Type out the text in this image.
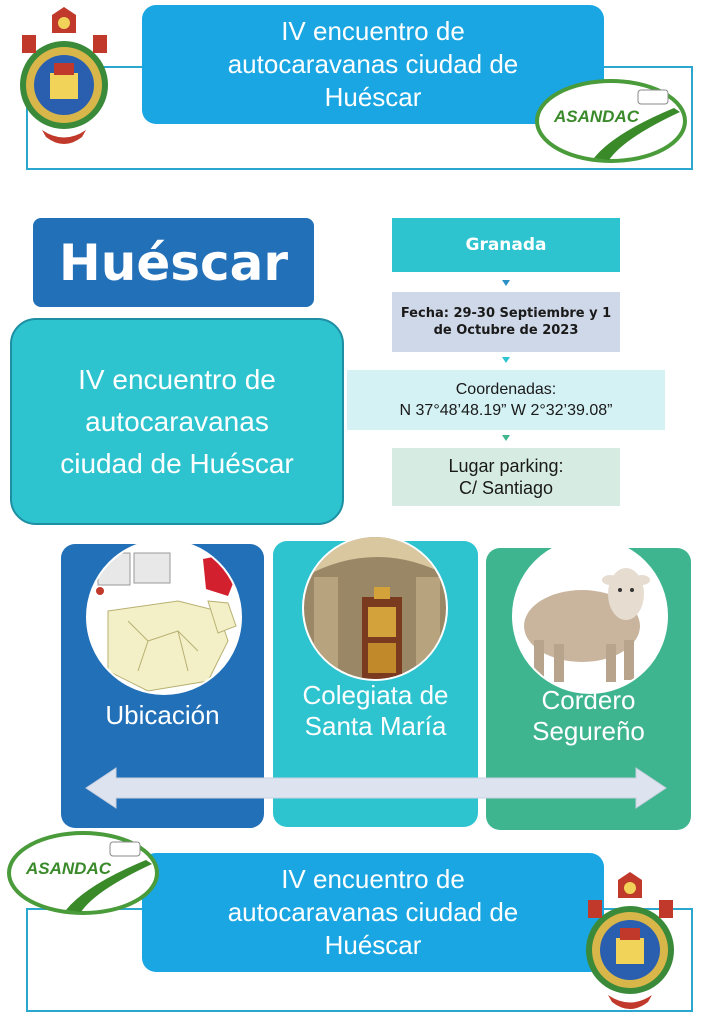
IV encuentro de
autocaravanas ciudad de
Huéscar
ASANDAC
Huéscar
IV encuentro de
autocaravanas
ciudad de Huéscar
Granada
Fecha: 29-30 Septiembre y 1
de Octubre de 2023
Coordenadas:
N 37°48’48.19” W 2°32’39.08”
Lugar parking:
C/ Santiago
Ubicación
Colegiata de
Santa María
Cordero
Segureño
IV encuentro de
autocaravanas ciudad de
Huéscar
ASANDAC
